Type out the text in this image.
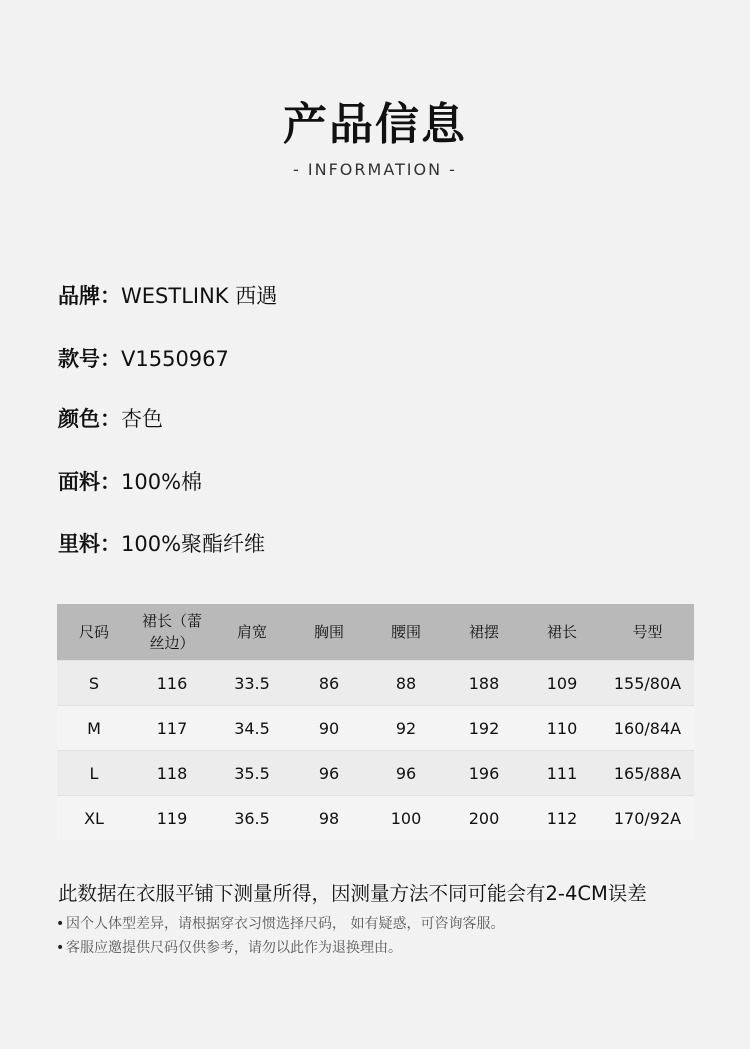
产品信息
- INFORMATION -
品牌：WESTLINK 西遇
款号：V1550967
颜色：杏色
面料：100%棉
里料：100%聚酯纤维
尺码	裙长（蕾丝边）	肩宽	胸围	腰围	裙摆	裙长	号型
S	116	33.5	86	88	188	109	155/80A
M	117	34.5	90	92	192	110	160/84A
L	118	35.5	96	96	196	111	165/88A
XL	119	36.5	98	100	200	112	170/92A
此数据在衣服平铺下测量所得，因测量方法不同可能会有2-4CM误差
• 因个人体型差异，请根据穿衣习惯选择尺码， 如有疑惑，可咨询客服。
• 客服应邀提供尺码仅供参考，请勿以此作为退换理由。
